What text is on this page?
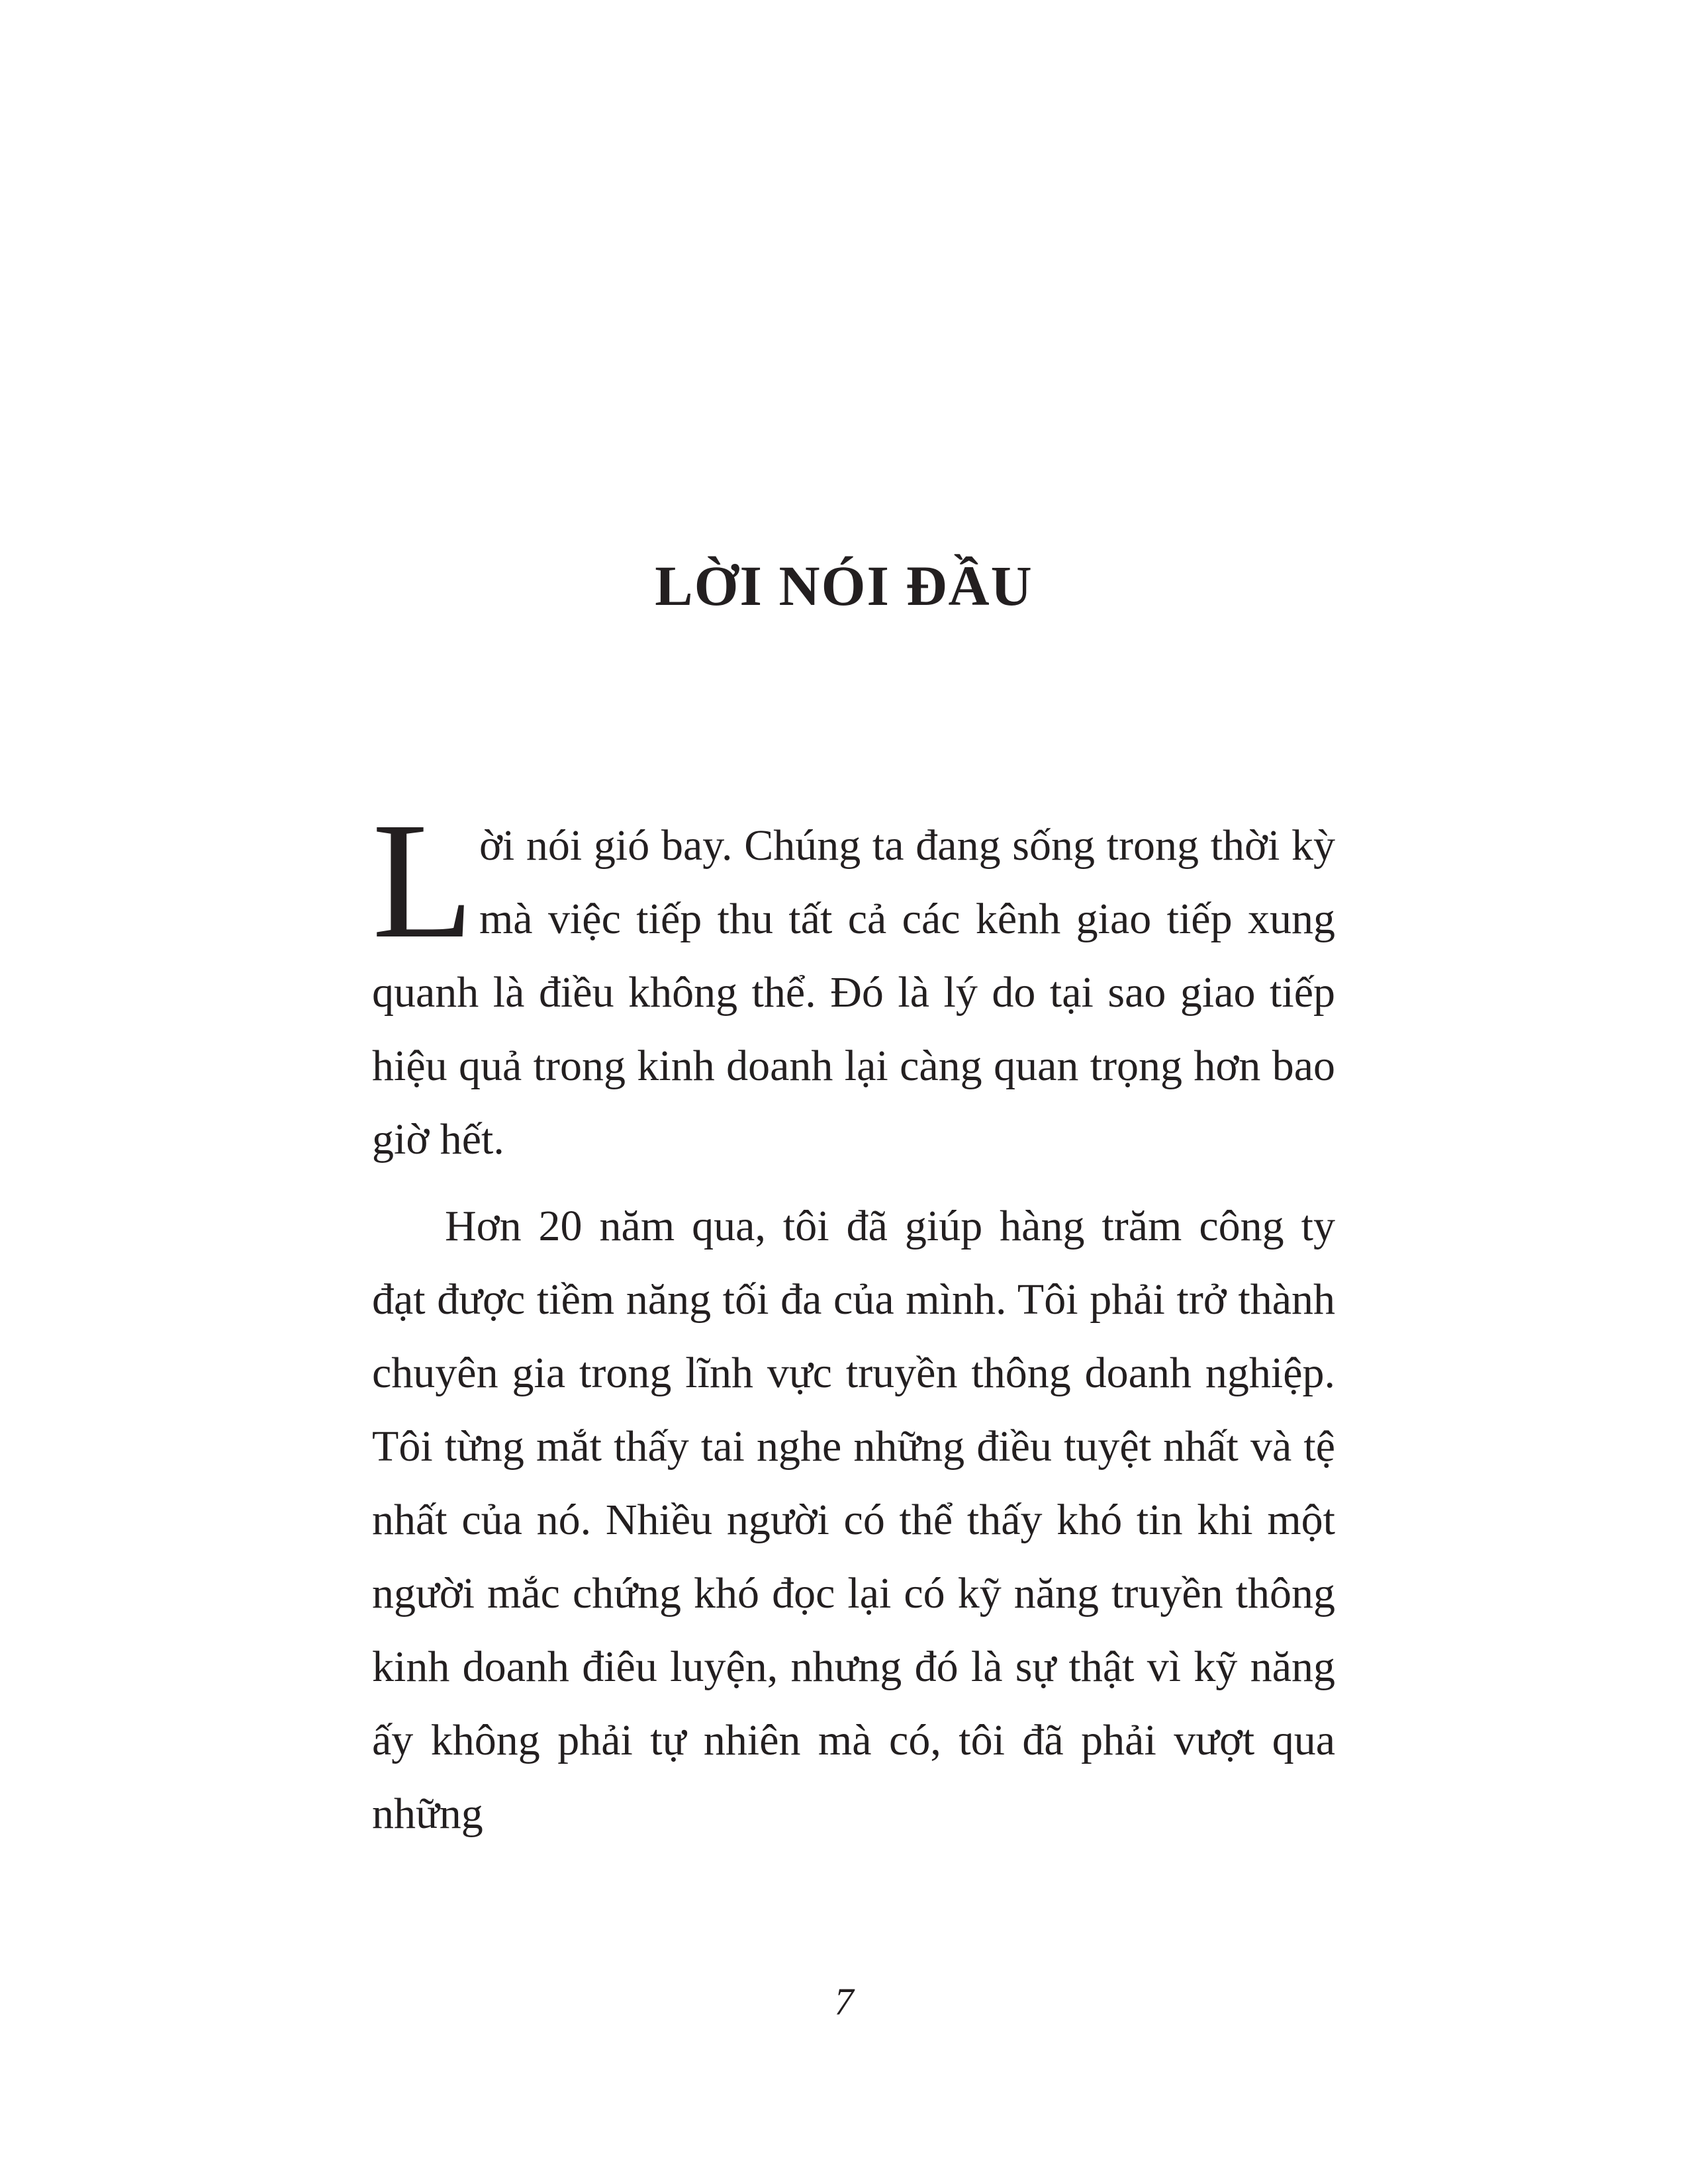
LỜI NÓI ĐẦU

Lời nói gió bay. Chúng ta đang sống trong thời kỳ mà việc tiếp thu tất cả các kênh giao tiếp xung quanh là điều không thể. Đó là lý do tại sao giao tiếp hiệu quả trong kinh doanh lại càng quan trọng hơn bao giờ hết.

Hơn 20 năm qua, tôi đã giúp hàng trăm công ty đạt được tiềm năng tối đa của mình. Tôi phải trở thành chuyên gia trong lĩnh vực truyền thông doanh nghiệp. Tôi từng mắt thấy tai nghe những điều tuyệt nhất và tệ nhất của nó. Nhiều người có thể thấy khó tin khi một người mắc chứng khó đọc lại có kỹ năng truyền thông kinh doanh điêu luyện, nhưng đó là sự thật vì kỹ năng ấy không phải tự nhiên mà có, tôi đã phải vượt qua những

7
